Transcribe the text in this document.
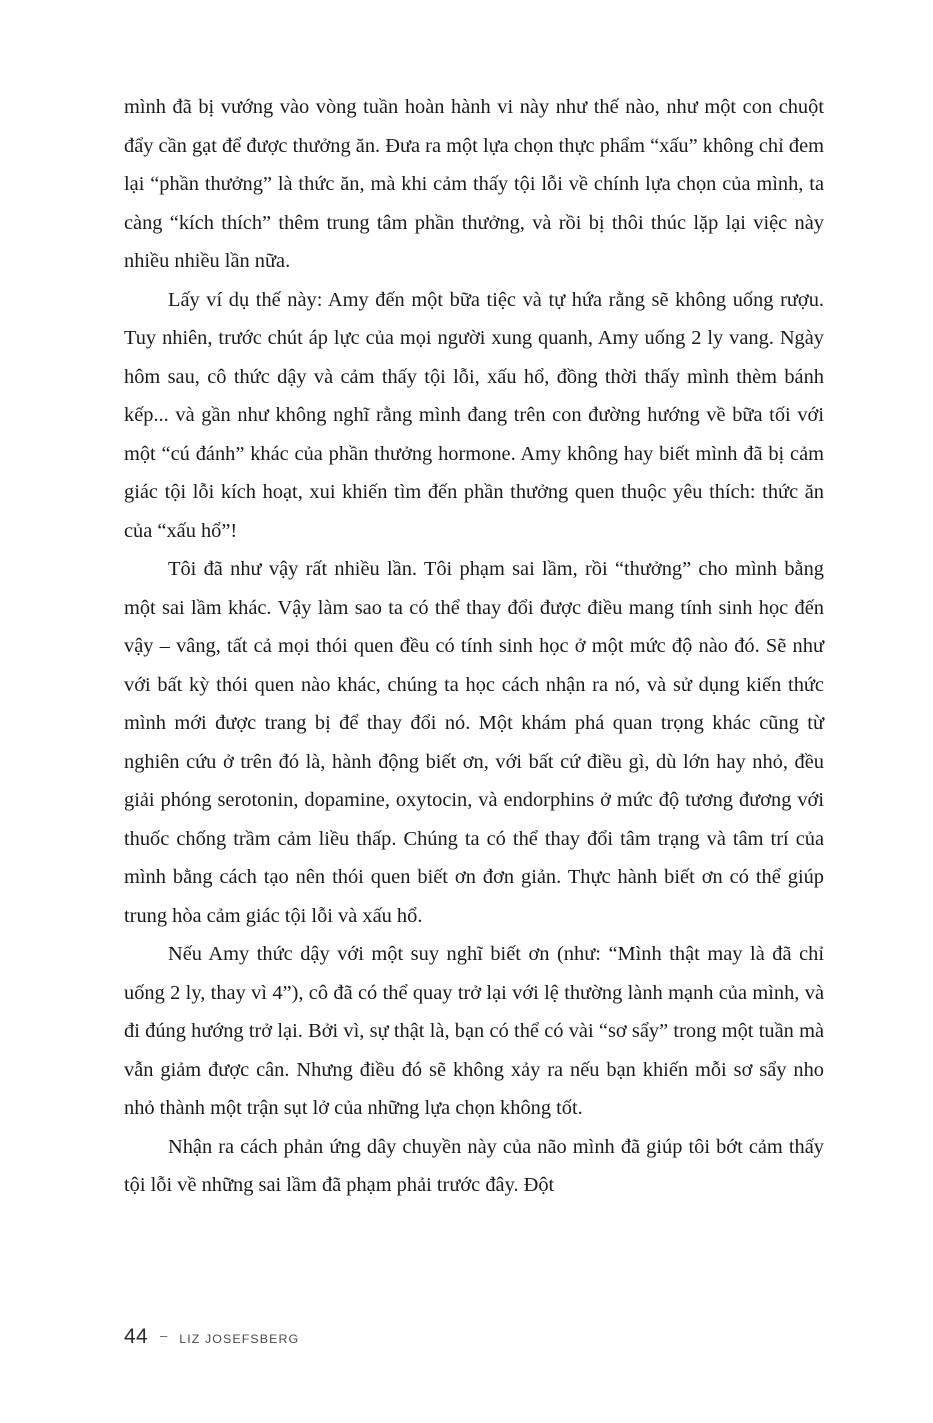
mình đã bị vướng vào vòng tuần hoàn hành vi này như thế nào, như một con chuột đẩy cần gạt để được thưởng ăn. Đưa ra một lựa chọn thực phẩm “xấu” không chỉ đem lại “phần thưởng” là thức ăn, mà khi cảm thấy tội lỗi về chính lựa chọn của mình, ta càng “kích thích” thêm trung tâm phần thưởng, và rồi bị thôi thúc lặp lại việc này nhiều nhiều lần nữa.

Lấy ví dụ thế này: Amy đến một bữa tiệc và tự hứa rằng sẽ không uống rượu. Tuy nhiên, trước chút áp lực của mọi người xung quanh, Amy uống 2 ly vang. Ngày hôm sau, cô thức dậy và cảm thấy tội lỗi, xấu hổ, đồng thời thấy mình thèm bánh kếp... và gần như không nghĩ rằng mình đang trên con đường hướng về bữa tối với một “cú đánh” khác của phần thưởng hormone. Amy không hay biết mình đã bị cảm giác tội lỗi kích hoạt, xui khiến tìm đến phần thưởng quen thuộc yêu thích: thức ăn của “xấu hổ”!

Tôi đã như vậy rất nhiều lần. Tôi phạm sai lầm, rồi “thưởng” cho mình bằng một sai lầm khác. Vậy làm sao ta có thể thay đổi được điều mang tính sinh học đến vậy – vâng, tất cả mọi thói quen đều có tính sinh học ở một mức độ nào đó. Sẽ như với bất kỳ thói quen nào khác, chúng ta học cách nhận ra nó, và sử dụng kiến thức mình mới được trang bị để thay đổi nó. Một khám phá quan trọng khác cũng từ nghiên cứu ở trên đó là, hành động biết ơn, với bất cứ điều gì, dù lớn hay nhỏ, đều giải phóng serotonin, dopamine, oxytocin, và endorphins ở mức độ tương đương với thuốc chống trầm cảm liều thấp. Chúng ta có thể thay đổi tâm trạng và tâm trí của mình bằng cách tạo nên thói quen biết ơn đơn giản. Thực hành biết ơn có thể giúp trung hòa cảm giác tội lỗi và xấu hổ.

Nếu Amy thức dậy với một suy nghĩ biết ơn (như: “Mình thật may là đã chỉ uống 2 ly, thay vì 4”), cô đã có thể quay trở lại với lệ thường lành mạnh của mình, và đi đúng hướng trở lại. Bởi vì, sự thật là, bạn có thể có vài “sơ sẩy” trong một tuần mà vẫn giảm được cân. Nhưng điều đó sẽ không xảy ra nếu bạn khiến mỗi sơ sẩy nho nhỏ thành một trận sụt lở của những lựa chọn không tốt.

Nhận ra cách phản ứng dây chuyền này của não mình đã giúp tôi bớt cảm thấy tội lỗi về những sai lầm đã phạm phải trước đây. Đột

44 – LIZ JOSEFSBERG
